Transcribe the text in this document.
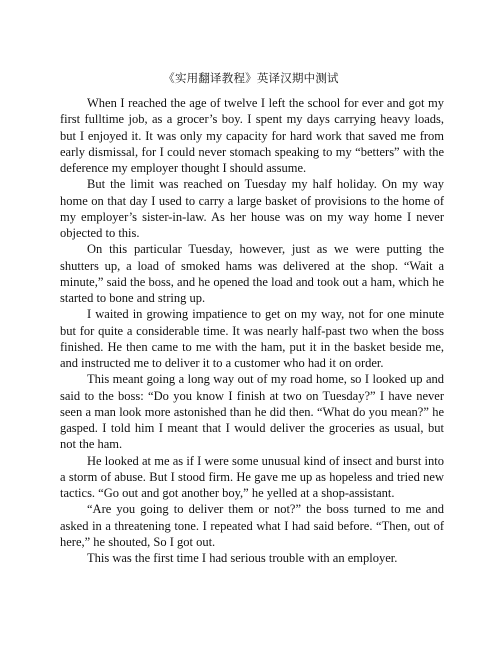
《实用翻译教程》英译汉期中测试

When I reached the age of twelve I left the school for ever and got my first fulltime job, as a grocer’s boy. I spent my days carrying heavy loads, but I enjoyed it. It was only my capacity for hard work that saved me from early dismissal, for I could never stomach speaking to my “betters” with the deference my employer thought I should assume.

But the limit was reached on Tuesday my half holiday. On my way home on that day I used to carry a large basket of provisions to the home of my employer’s sister-in-law. As her house was on my way home I never objected to this.

On this particular Tuesday, however, just as we were putting the shutters up, a load of smoked hams was delivered at the shop. “Wait a minute,” said the boss, and he opened the load and took out a ham, which he started to bone and string up.

I waited in growing impatience to get on my way, not for one minute but for quite a considerable time. It was nearly half-past two when the boss finished. He then came to me with the ham, put it in the basket beside me, and instructed me to deliver it to a customer who had it on order.

This meant going a long way out of my road home, so I looked up and said to the boss: “Do you know I finish at two on Tuesday?” I have never seen a man look more astonished than he did then. “What do you mean?” he gasped. I told him I meant that I would deliver the groceries as usual, but not the ham.

He looked at me as if I were some unusual kind of insect and burst into a storm of abuse. But I stood firm. He gave me up as hopeless and tried new tactics. “Go out and got another boy,” he yelled at a shop-assistant.

“Are you going to deliver them or not?” the boss turned to me and asked in a threatening tone. I repeated what I had said before. “Then, out of here,” he shouted, So I got out.

This was the first time I had serious trouble with an employer.
